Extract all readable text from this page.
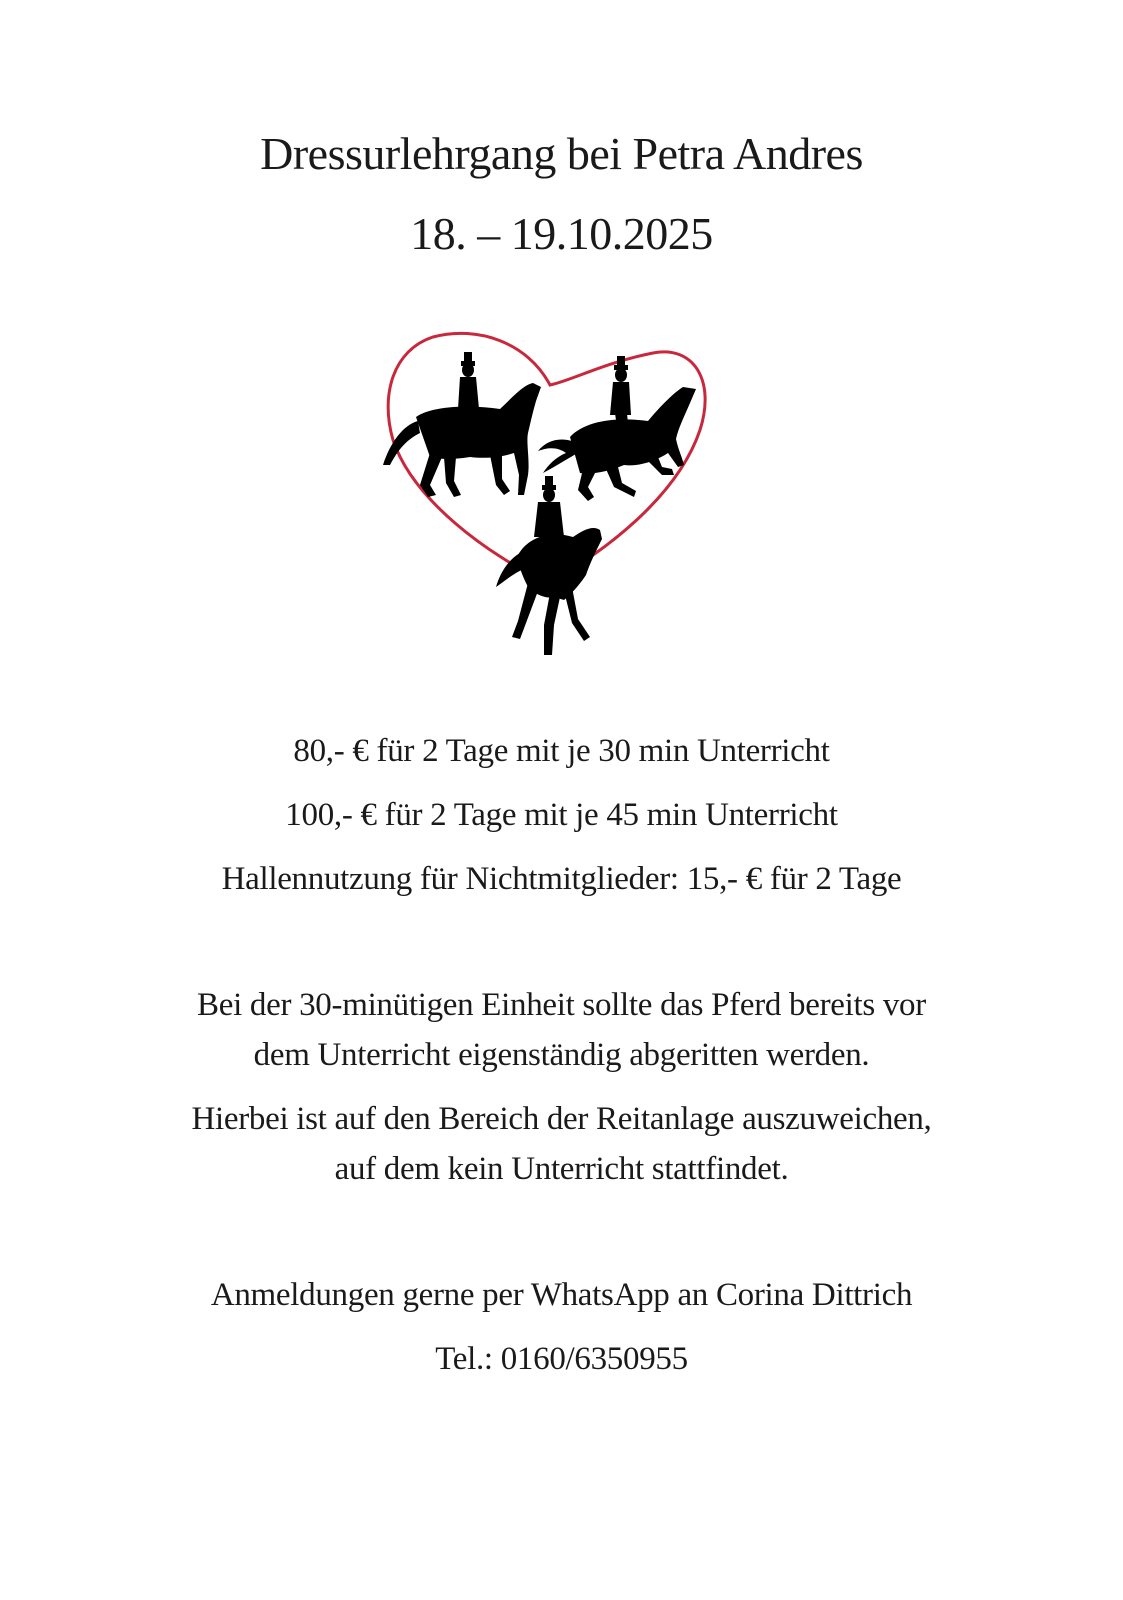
Dressurlehrgang bei Petra Andres
18. – 19.10.2025

80,- € für 2 Tage mit je 30 min Unterricht

100,- € für 2 Tage mit je 45 min Unterricht

Hallennutzung für Nichtmitglieder: 15,- € für 2 Tage

Bei der 30-minütigen Einheit sollte das Pferd bereits vor

dem Unterricht eigenständig abgeritten werden.

Hierbei ist auf den Bereich der Reitanlage auszuweichen,

auf dem kein Unterricht stattfindet.

Anmeldungen gerne per WhatsApp an Corina Dittrich

Tel.: 0160/6350955
